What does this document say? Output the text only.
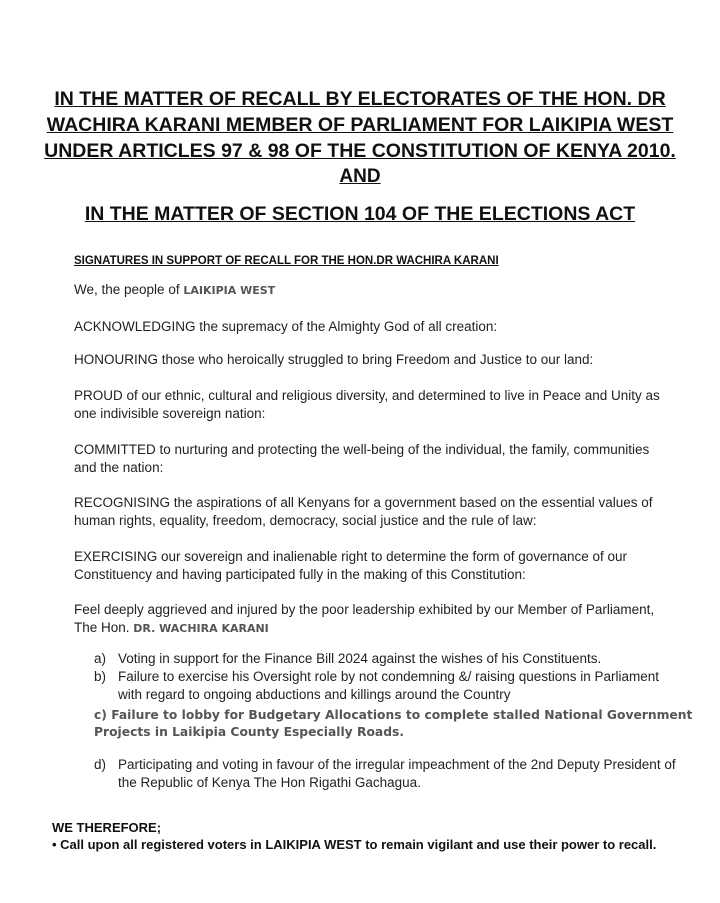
IN THE MATTER OF RECALL BY ELECTORATES OF THE HON. DR
WACHIRA KARANI MEMBER OF PARLIAMENT FOR LAIKIPIA WEST
UNDER ARTICLES 97 & 98 OF THE CONSTITUTION OF KENYA 2010.
AND
IN THE MATTER OF SECTION 104 OF THE ELECTIONS ACT
SIGNATURES IN SUPPORT OF RECALL FOR THE HON.DR WACHIRA KARANI
We, the people of LAIKIPIA WEST
ACKNOWLEDGING the supremacy of the Almighty God of all creation:
HONOURING those who heroically struggled to bring Freedom and Justice to our land:
PROUD of our ethnic, cultural and religious diversity, and determined to live in Peace and Unity as one indivisible sovereign nation:
COMMITTED to nurturing and protecting the well-being of the individual, the family, communities and the nation:
RECOGNISING the aspirations of all Kenyans for a government based on the essential values of human rights, equality, freedom, democracy, social justice and the rule of law:
EXERCISING our sovereign and inalienable right to determine the form of governance of our Constituency and having participated fully in the making of this Constitution:
Feel deeply aggrieved and injured by the poor leadership exhibited by our Member of Parliament, The Hon. DR. WACHIRA KARANI
a) Voting in support for the Finance Bill 2024 against the wishes of his Constituents.
b) Failure to exercise his Oversight role by not condemning &/ raising questions in Parliament with regard to ongoing abductions and killings around the Country
c) Failure to lobby for Budgetary Allocations to complete stalled National Government Projects in Laikipia County Especially Roads.
d) Participating and voting in favour of the irregular impeachment of the 2nd Deputy President of the Republic of Kenya The Hon Rigathi Gachagua.
WE THEREFORE;
• Call upon all registered voters in LAIKIPIA WEST to remain vigilant and use their power to recall.
